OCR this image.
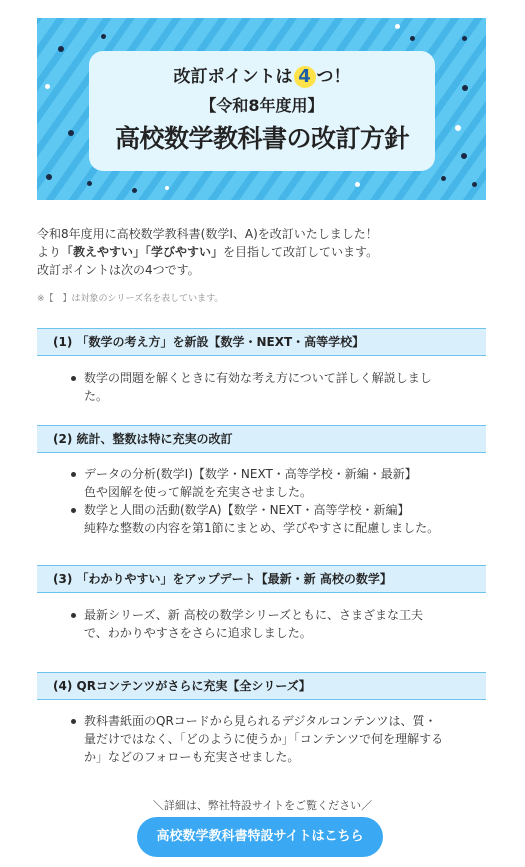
改訂ポイントは 4 つ！
【令和8年度用】
高校数学教科書の改訂方針
令和8年度用に高校数学教科書(数学Ⅰ、A)を改訂いたしました！
より「教えやすい」「学びやすい」を目指して改訂しています。
改訂ポイントは次の4つです。
※【　】は対象のシリーズ名を表しています。
(1) 「数学の考え方」を新設【数学・NEXT・高等学校】
数学の問題を解くときに有効な考え方について詳しく解説しまし
た。
(2) 統計、整数は特に充実の改訂
データの分析(数学Ⅰ)【数学・NEXT・高等学校・新編・最新】
色や図解を使って解説を充実させました。
数学と人間の活動(数学A)【数学・NEXT・高等学校・新編】
純粋な整数の内容を第1節にまとめ、学びやすさに配慮しました。
(3) 「わかりやすい」をアップデート【最新・新 高校の数学】
最新シリーズ、新 高校の数学シリーズともに、さまざまな工夫
で、わかりやすさをさらに追求しました。
(4) QRコンテンツがさらに充実【全シリーズ】
教科書紙面のQRコードから見られるデジタルコンテンツは、質・
量だけではなく、「どのように使うか」「コンテンツで何を理解する
か」などのフォローも充実させました。
＼詳細は、弊社特設サイトをご覧ください／
高校数学教科書特設サイトはこちら
